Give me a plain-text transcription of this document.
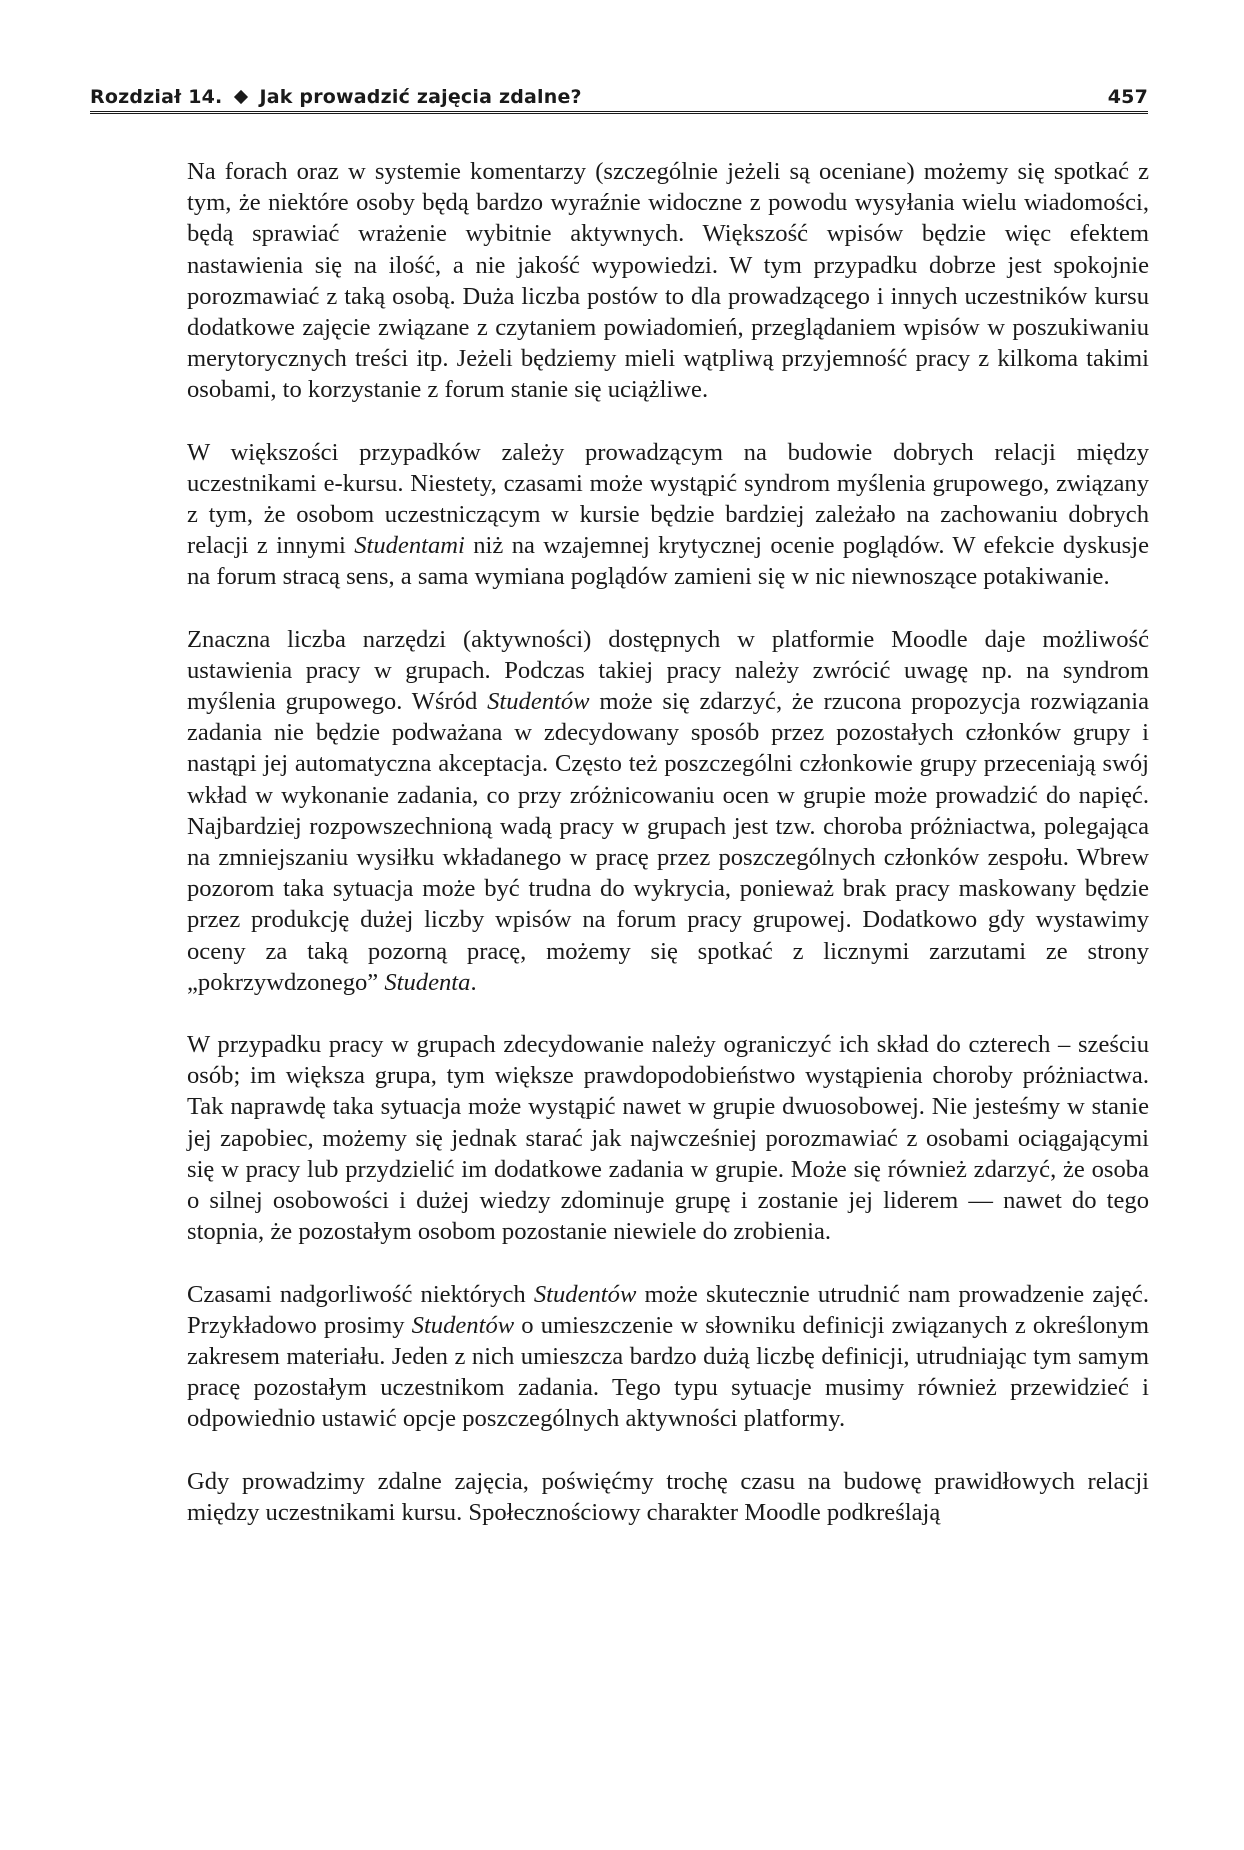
Rozdział 14. Jak prowadzić zajęcia zdalne?	457

Na forach oraz w systemie komentarzy (szczególnie jeżeli są oceniane) możemy się spotkać z tym, że niektóre osoby będą bardzo wyraźnie widoczne z powodu wysyłania wielu wiadomości, będą sprawiać wrażenie wybitnie aktywnych. Większość wpisów będzie więc efektem nastawienia się na ilość, a nie jakość wypowiedzi. W tym przypadku dobrze jest spokojnie porozmawiać z taką osobą. Duża liczba postów to dla prowadzącego i innych uczestników kursu dodatkowe zajęcie związane z czytaniem powiadomień, przeglądaniem wpisów w poszukiwaniu merytorycznych treści itp. Jeżeli będziemy mieli wątpliwą przyjemność pracy z kilkoma takimi osobami, to korzystanie z forum stanie się uciążliwe.

W większości przypadków zależy prowadzącym na budowie dobrych relacji między uczestnikami e-kursu. Niestety, czasami może wystąpić syndrom myślenia grupowego, związany z tym, że osobom uczestniczącym w kursie będzie bardziej zależało na zachowaniu dobrych relacji z innymi Studentami niż na wzajemnej krytycznej ocenie poglądów. W efekcie dyskusje na forum stracą sens, a sama wymiana poglądów zamieni się w nic niewnoszące potakiwanie.

Znaczna liczba narzędzi (aktywności) dostępnych w platformie Moodle daje możliwość ustawienia pracy w grupach. Podczas takiej pracy należy zwrócić uwagę np. na syndrom myślenia grupowego. Wśród Studentów może się zdarzyć, że rzucona propozycja rozwiązania zadania nie będzie podważana w zdecydowany sposób przez pozostałych członków grupy i nastąpi jej automatyczna akceptacja. Często też poszczególni członkowie grupy przeceniają swój wkład w wykonanie zadania, co przy zróżnicowaniu ocen w grupie może prowadzić do napięć. Najbardziej rozpowszechnioną wadą pracy w grupach jest tzw. choroba próżniactwa, polegająca na zmniejszaniu wysiłku wkładanego w pracę przez poszczególnych członków zespołu. Wbrew pozorom taka sytuacja może być trudna do wykrycia, ponieważ brak pracy maskowany będzie przez produkcję dużej liczby wpisów na forum pracy grupowej. Dodatkowo gdy wystawimy oceny za taką pozorną pracę, możemy się spotkać z licznymi zarzutami ze strony „pokrzywdzonego” Studenta.

W przypadku pracy w grupach zdecydowanie należy ograniczyć ich skład do czterech – sześciu osób; im większa grupa, tym większe prawdopodobieństwo wystąpienia choroby próżniactwa. Tak naprawdę taka sytuacja może wystąpić nawet w grupie dwuosobowej. Nie jesteśmy w stanie jej zapobiec, możemy się jednak starać jak najwcześniej porozmawiać z osobami ociągającymi się w pracy lub przydzielić im dodatkowe zadania w grupie. Może się również zdarzyć, że osoba o silnej osobowości i dużej wiedzy zdominuje grupę i zostanie jej liderem — nawet do tego stopnia, że pozostałym osobom pozostanie niewiele do zrobienia.

Czasami nadgorliwość niektórych Studentów może skutecznie utrudnić nam prowadzenie zajęć. Przykładowo prosimy Studentów o umieszczenie w słowniku definicji związanych z określonym zakresem materiału. Jeden z nich umieszcza bardzo dużą liczbę definicji, utrudniając tym samym pracę pozostałym uczestnikom zadania. Tego typu sytuacje musimy również przewidzieć i odpowiednio ustawić opcje poszczególnych aktywności platformy.

Gdy prowadzimy zdalne zajęcia, poświęćmy trochę czasu na budowę prawidłowych relacji między uczestnikami kursu. Społecznościowy charakter Moodle podkreślają
